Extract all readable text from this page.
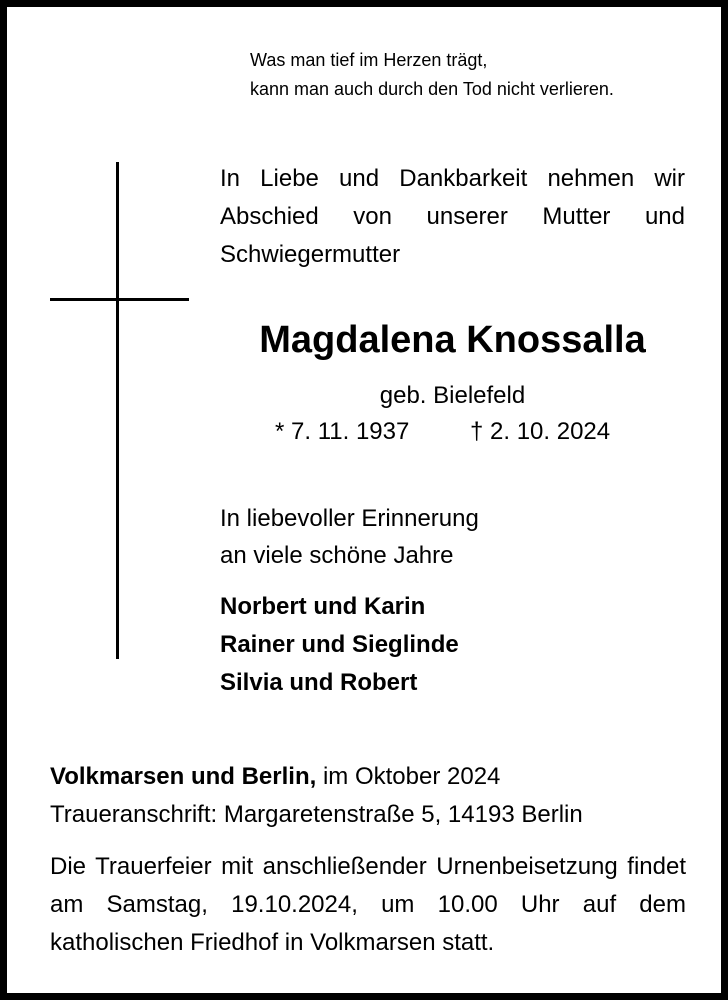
Was man tief im Herzen trägt,
kann man auch durch den Tod nicht verlieren.
In Liebe und Dankbarkeit nehmen wir Abschied von unserer Mutter und Schwiegermutter
Magdalena Knossalla
geb. Bielefeld
* 7. 11. 1937	† 2. 10. 2024
In liebevoller Erinnerung
an viele schöne Jahre
Norbert und Karin
Rainer und Sieglinde
Silvia und Robert
Volkmarsen und Berlin, im Oktober 2024
Traueranschrift: Margaretenstraße 5, 14193 Berlin
Die Trauerfeier mit anschließender Urnenbeisetzung findet am Samstag, 19.10.2024, um 10.00 Uhr auf dem katholischen Friedhof in Volkmarsen statt.
